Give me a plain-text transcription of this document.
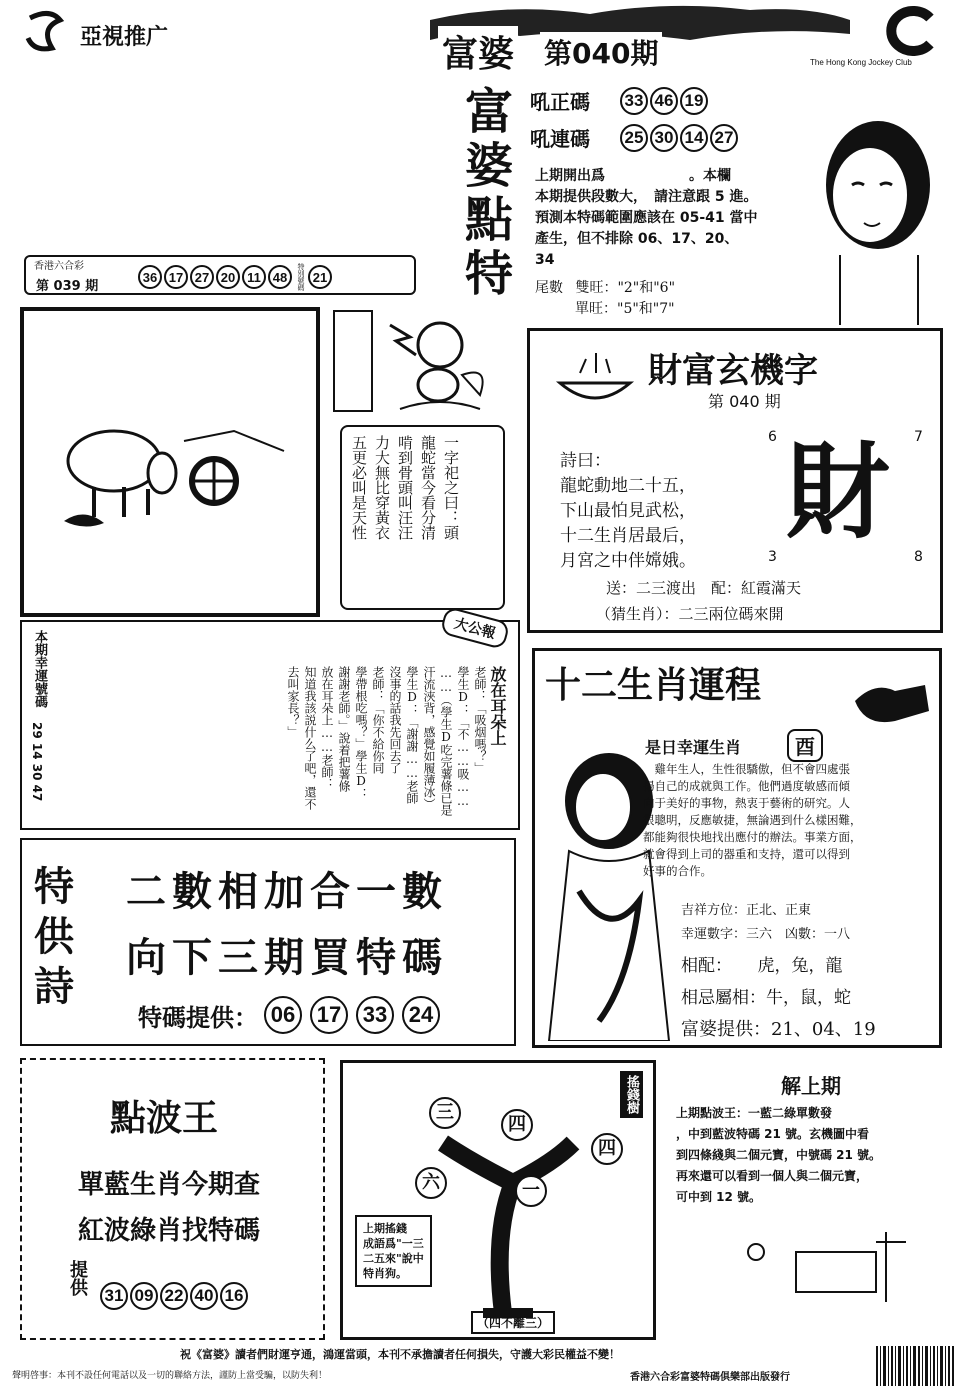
亞視推广	富婆 第040期	The Hong Kong Jockey Club
富
婆
點
特
吼正碼	33 46 19
吼連碼	25 30 14 27
上期開出爲　　　　　　。本欄
本期提供段數大，　請注意跟 5 進。
預測本特碼範圍應該在 05-41 當中
產生，但不排除 06、17、20、
34
尾數 雙旺："2"和"6"
單旺："5"和"7"
香港六合彩
第 039 期
36 17 27 20 11 48	特別號碼 21
一字祀之曰：頭
龍蛇當今看分清
啃到骨頭叫汪汪
力大無比穿黃衣
五更必叫是天性
財富玄機字
第 040 期
6	7
3	8
財
詩曰：
龍蛇動地二十五，
下山最怕見武松，
十二生肖居最后，
月宮之中伴嫦娥。
送：二三渡出　配：紅霞滿天
（猜生肖）：二三兩位碼來開
大公報
本期幸運號碼
29 14 30 47
放在耳朵上
老師：「吸烟嗎？」
學生D：「不……吸……
……（學生D吃完薯條已是
汗流浹背，感覺如履薄冰）
學生D：「謝謝……老師
沒事的話我先回去了
老師：「你不給你同
學帶根吃嗎？」學生D：
謝謝老師。」說着把薯條
放在耳朵上……老師：
知道我該説什么了吧，還不
去叫家長？」	十二生肖運程
是日幸運生肖	酉
　雞年生人，生性很驕傲，但不會四處張
揚自己的成就與工作。他們過度敏感而傾
向于美好的事物，熱衷于藝術的研究。人
很聰明，反應敏捷，無論遇到什么樣困難，
都能夠很快地找出應付的辦法。事業方面，
就會得到上司的器重和支持，還可以得到
好事的合作。
吉祥方位：正北、正東
幸運數字：三六　凶數：一八
相配：　　虎，兔，龍
相忌屬相：牛，鼠，蛇
富婆提供：21、04、19
特
供
詩
二數相加合一數
向下三期買特碼
特碼提供： 06 17 33 24
點波王
單藍生肖今期查
紅波綠肖找特碼
提供 31 09 22 40 16
搖錢樹
三
四
四
六	一
上期搖錢
成語爲"一三
二五來"說中
特肖狗。
（四不離三）
解上期
上期點波王：一藍二綠單數發
，中到藍波特碼 21 號。玄機圖中看
到四條綫與二個元寶，中號碼 21 號。
再來還可以看到一個人與二個元寶，
可中到 12 號。
祝《富婆》讀者們財運亨通，鴻運當頭，本刊不承擔讀者任何損失，守護大彩民權益不變！
聲明啓事：本刊不設任何電話以及一切的聯絡方法，謹防上當受騙，以防失利！	香港六合彩富婆特碼俱樂部出版發行
